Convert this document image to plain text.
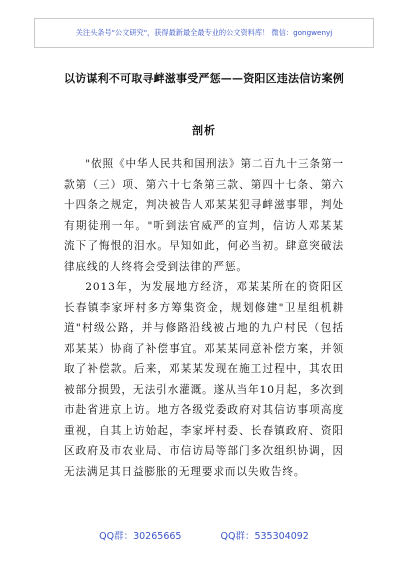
关注头条号"公文研究"，获得最新最全最专业的公文资料库！ 微信：gongwenyj
以访谋利不可取寻衅滋事受严惩——资阳区违法信访案例
剖析

"依照《中华人民共和国刑法》第二百九十三条第一款第（三）项、第六十七条第三款、第四十七条、第六十四条之规定，判决被告人邓某某犯寻衅滋事罪，判处有期徒刑一年。"听到法官威严的宣判，信访人邓某某流下了悔恨的泪水。早知如此，何必当初。肆意突破法律底线的人终将会受到法律的严惩。

2013年，为发展地方经济，邓某某所在的资阳区长春镇李家坪村多方筹集资金，规划修建"卫星组机耕道"村级公路，并与修路沿线被占地的九户村民（包括邓某某）协商了补偿事宜。邓某某同意补偿方案，并领取了补偿款。后来，邓某某发现在施工过程中，其农田被部分损毁，无法引水灌溉。遂从当年10月起，多次到市赴省进京上访。地方各级党委政府对其信访事项高度重视，自其上访始起，李家坪村委、长春镇政府、资阳区政府及市农业局、市信访局等部门多次组织协调，因无法满足其日益膨胀的无理要求而以失败告终。

QQ群：30265665	QQ群：535304092
